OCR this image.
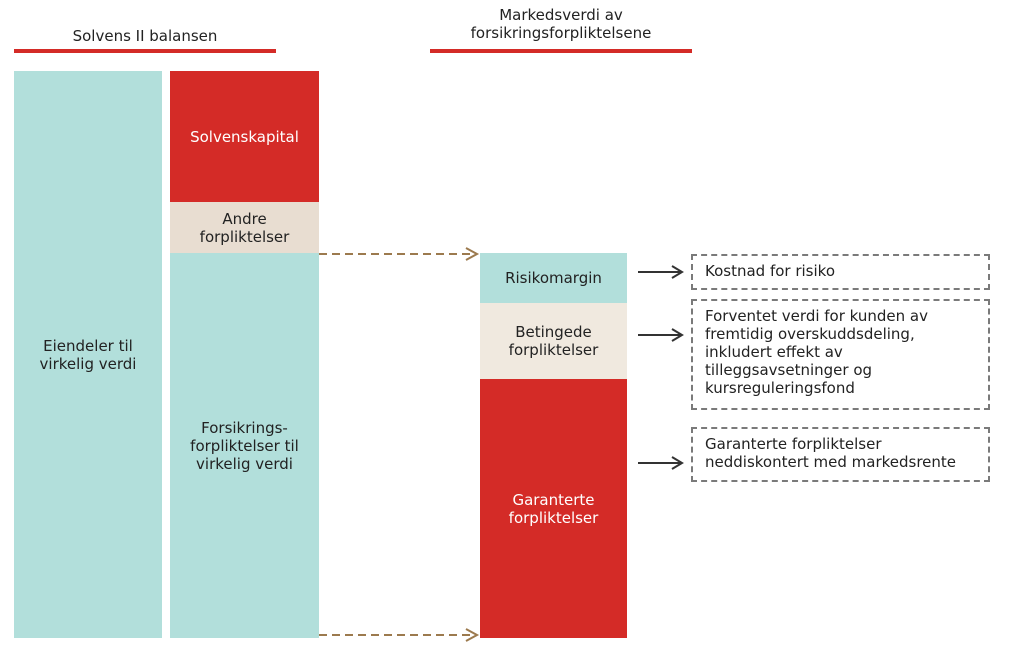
Solvens II balansen
Markedsverdi av
forsikringsforpliktelsene
Eiendeler til
virkelig verdi
Solvenskapital
Andre
forpliktelser
Forsikrings-
forpliktelser til
virkelig verdi
Risikomargin
Betingede
forpliktelser
Garanterte
forpliktelser
Kostnad for risiko
Forventet verdi for kunden av
fremtidig overskuddsdeling,
inkludert effekt av
tilleggsavsetninger og
kursreguleringsfond
Garanterte forpliktelser
neddiskontert med markedsrente
